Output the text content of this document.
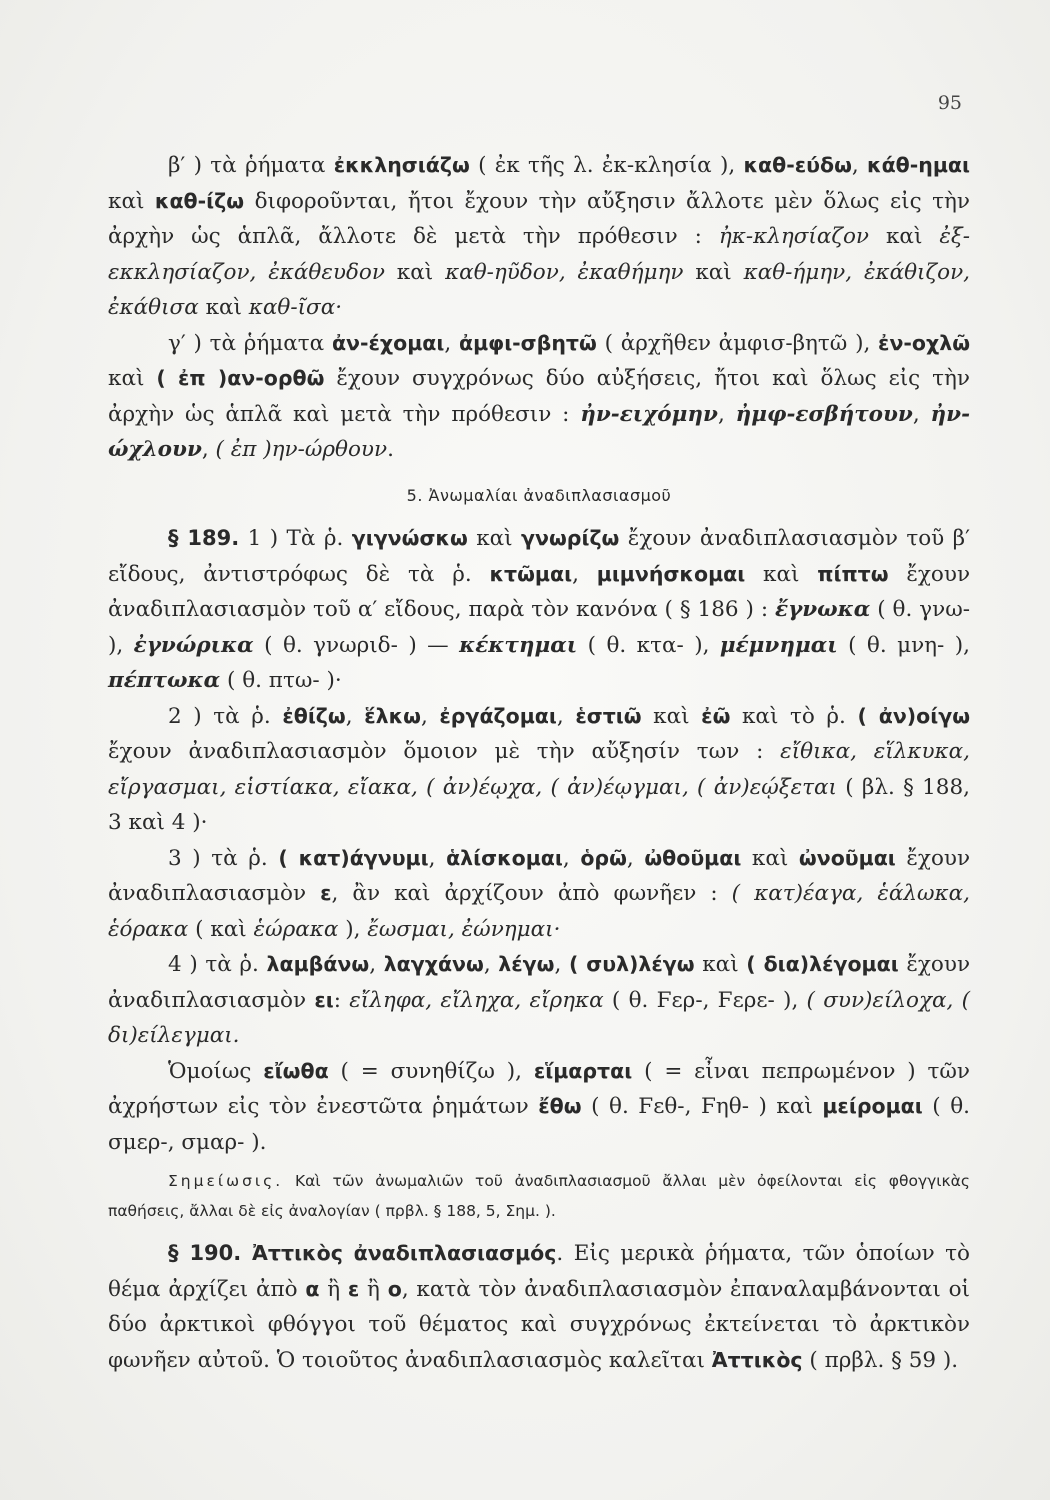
95

β′ ) τὰ ῥήματα ἐκκλησιάζω ( ἐκ τῆς λ. ἐκ-κλησία ), καθ-εύδω, κάθ-ημαι καὶ καθ-ίζω διφοροῦνται, ἤτοι ἔχουν τὴν αὔξησιν ἄλλοτε μὲν ὅλως εἰς τὴν ἀρχὴν ὡς ἁπλᾶ, ἄλλοτε δὲ μετὰ τὴν πρόθεσιν : ἠκ-κλησίαζον καὶ ἐξ-εκκλησίαζον, ἐκάθευδον καὶ καθ-ηῦδον, ἐκαθήμην καὶ καθ-ήμην, ἐκάθιζον, ἐκάθισα καὶ καθ-ῖσα·

γ′ ) τὰ ῥήματα ἀν-έχομαι, ἀμφι-σβητῶ ( ἀρχῆθεν ἀμφισ-βητῶ ), ἐν-οχλῶ καὶ ( ἐπ )αν-ορθῶ ἔχουν συγχρόνως δύο αὐξήσεις, ἤτοι καὶ ὅλως εἰς τὴν ἀρχὴν ὡς ἁπλᾶ καὶ μετὰ τὴν πρόθεσιν : ἠν-ειχόμην, ἠμφ-εσβήτουν, ἠν-ώχλουν, ( ἐπ )ην-ώρθουν.

5. Ἀνωμαλίαι ἀναδιπλασιασμοῦ

§ 189. 1 ) Τὰ ῥ. γιγνώσκω καὶ γνωρίζω ἔχουν ἀναδιπλασιασμὸν τοῦ β′ εἴδους, ἀντιστρόφως δὲ τὰ ῥ. κτῶμαι, μιμνήσκομαι καὶ πίπτω ἔχουν ἀναδιπλασιασμὸν τοῦ α′ εἴδους, παρὰ τὸν κανόνα ( § 186 ) : ἔγνωκα ( θ. γνω- ), ἐγνώρικα ( θ. γνωριδ- ) — κέκτημαι ( θ. κτα- ), μέμνημαι ( θ. μνη- ), πέπτωκα ( θ. πτω- )·

2 ) τὰ ῥ. ἐθίζω, ἕλκω, ἐργάζομαι, ἑστιῶ καὶ ἐῶ καὶ τὸ ῥ. ( ἀν)οίγω ἔχουν ἀναδιπλασιασμὸν ὅμοιον μὲ τὴν αὔξησίν των : εἴθικα, εἵλκυκα, εἴργασμαι, εἱστίακα, εἴακα, ( ἀν)έῳχα, ( ἀν)έῳγμαι, ( ἀν)εῴξεται ( βλ. § 188, 3 καὶ 4 )·

3 ) τὰ ῥ. ( κατ)άγνυμι, ἁλίσκομαι, ὁρῶ, ὠθοῦμαι καὶ ὠνοῦμαι ἔχουν ἀναδιπλασιασμὸν ε, ἂν καὶ ἀρχίζουν ἀπὸ φωνῆεν : ( κατ)έαγα, ἑάλωκα, ἑόρακα ( καὶ ἑώρακα ), ἔωσμαι, ἐώνημαι·

4 ) τὰ ῥ. λαμβάνω, λαγχάνω, λέγω, ( συλ)λέγω καὶ ( δια)λέγομαι ἔχουν ἀναδιπλασιασμὸν ει: εἴληφα, εἴληχα, εἴρηκα ( θ. Ϝερ-, Ϝερε- ), ( συν)είλοχα, ( δι)είλεγμαι.

Ὁμοίως εἴωθα ( = συνηθίζω ), εἵμαρται ( = εἶναι πεπρωμένον ) τῶν ἀχρήστων εἰς τὸν ἐνεστῶτα ῥημάτων ἔθω ( θ. Ϝεθ-, Ϝηθ- ) καὶ μείρομαι ( θ. σμερ-, σμαρ- ).

Σημείωσις. Καὶ τῶν ἀνωμαλιῶν τοῦ ἀναδιπλασιασμοῦ ἄλλαι μὲν ὀφείλονται εἰς φθογγικὰς παθήσεις, ἄλλαι δὲ εἰς ἀναλογίαν ( πρβλ. § 188, 5, Σημ. ).

§ 190. Ἀττικὸς ἀναδιπλασιασμός. Εἰς μερικὰ ῥήματα, τῶν ὁποίων τὸ θέμα ἀρχίζει ἀπὸ α ἢ ε ἢ ο, κατὰ τὸν ἀναδιπλασιασμὸν ἐπαναλαμβάνονται οἱ δύο ἀρκτικοὶ φθόγγοι τοῦ θέματος καὶ συγχρόνως ἐκτείνεται τὸ ἀρκτικὸν φωνῆεν αὐτοῦ. Ὁ τοιοῦτος ἀναδιπλασιασμὸς καλεῖται Ἀττικὸς ( πρβλ. § 59 ).
